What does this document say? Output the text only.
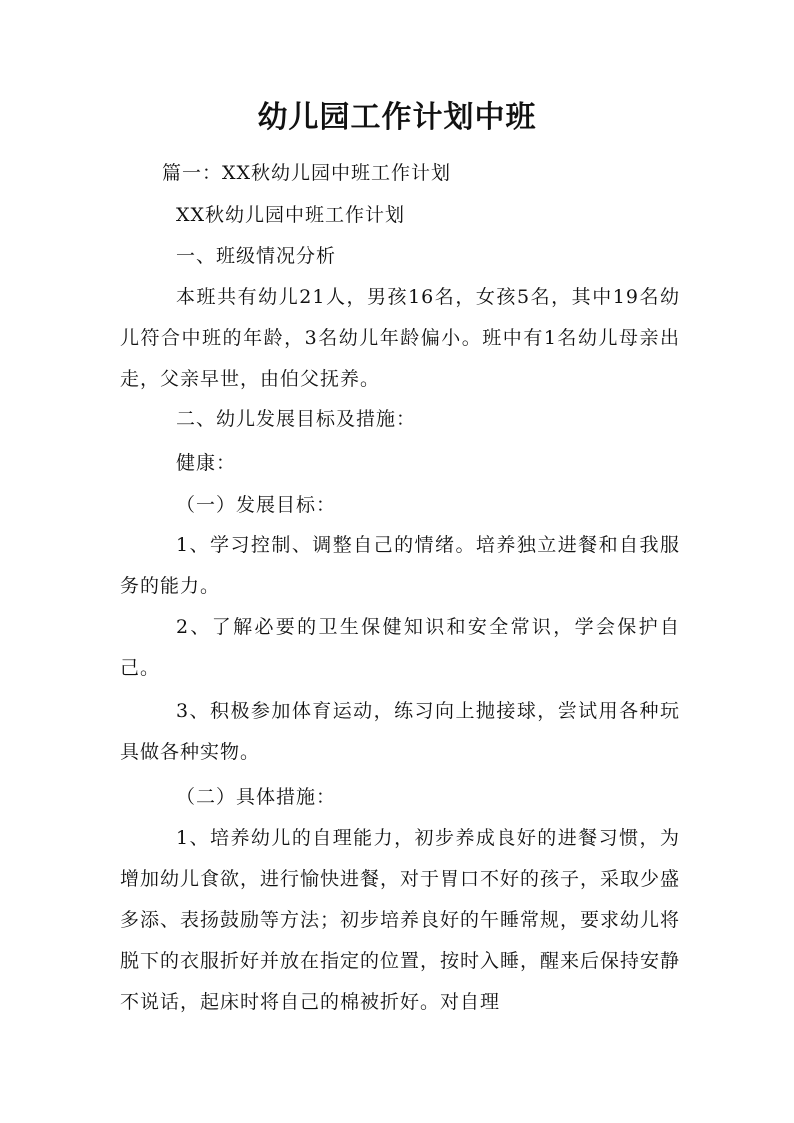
幼儿园工作计划中班
篇一：XX秋幼儿园中班工作计划
XX秋幼儿园中班工作计划
一、班级情况分析
本班共有幼儿21人，男孩16名，女孩5名，其中19名幼儿符合中班的年龄，3名幼儿年龄偏小。班中有1名幼儿母亲出走，父亲早世，由伯父抚养。
二、幼儿发展目标及措施：
健康：
（一）发展目标：
1、学习控制、调整自己的情绪。培养独立进餐和自我服务的能力。
2、了解必要的卫生保健知识和安全常识，学会保护自己。
3、积极参加体育运动，练习向上抛接球，尝试用各种玩具做各种实物。
（二）具体措施：
1、培养幼儿的自理能力，初步养成良好的进餐习惯，为增加幼儿食欲，进行愉快进餐，对于胃口不好的孩子，采取少盛多添、表扬鼓励等方法；初步培养良好的午睡常规，要求幼儿将脱下的衣服折好并放在指定的位置，按时入睡，醒来后保持安静不说话，起床时将自己的棉被折好。对自理
